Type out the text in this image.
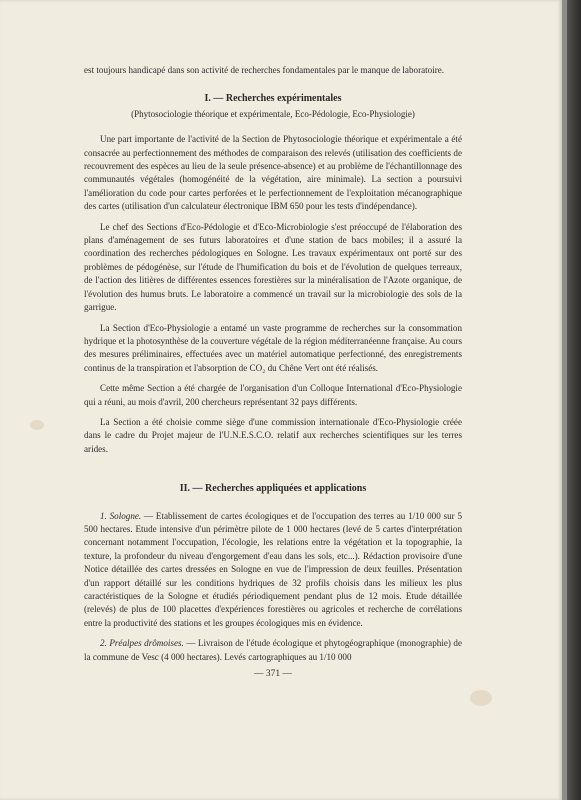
est toujours handicapé dans son activité de recherches fondamentales par le manque de laboratoire.

I. — Recherches expérimentales
(Phytosociologie théorique et expérimentale, Eco-Pédologie, Eco-Physiologie)

Une part importante de l'activité de la Section de Phytosociologie théorique et expérimentale a été consacrée au perfectionnement des méthodes de comparaison des relevés (utilisation des coefficients de recouvrement des espèces au lieu de la seule présence-absence) et au problème de l'échantillonnage des communautés végétales (homogénéité de la végétation, aire minimale). La section a poursuivi l'amélioration du code pour cartes perforées et le perfectionnement de l'exploitation mécanographique des cartes (utilisation d'un calculateur électronique IBM 650 pour les tests d'indépendance).

Le chef des Sections d'Eco-Pédologie et d'Eco-Microbiologie s'est préoccupé de l'élaboration des plans d'aménagement de ses futurs laboratoires et d'une station de bacs mobiles; il a assuré la coordination des recherches pédologiques en Sologne. Les travaux expérimentaux ont porté sur des problèmes de pédogénèse, sur l'étude de l'humification du bois et de l'évolution de quelques terreaux, de l'action des litières de différentes essences forestières sur la minéralisation de l'Azote organique, de l'évolution des humus bruts. Le laboratoire a commencé un travail sur la microbiologie des sols de la garrigue.

La Section d'Eco-Physiologie a entamé un vaste programme de recherches sur la consommation hydrique et la photosynthèse de la couverture végétale de la région méditerranéenne française. Au cours des mesures préliminaires, effectuées avec un matériel automatique perfectionné, des enregistrements continus de la transpiration et l'absorption de CO₂ du Chêne Vert ont été réalisés.

Cette même Section a été chargée de l'organisation d'un Colloque International d'Eco-Physiologie qui a réuni, au mois d'avril, 200 chercheurs représentant 32 pays différents.

La Section a été choisie comme siège d'une commission internationale d'Eco-Physiologie créée dans le cadre du Projet majeur de l'U.N.E.S.C.O. relatif aux recherches scientifiques sur les terres arides.

II. — Recherches appliquées et applications

1. Sologne. — Etablissement de cartes écologiques et de l'occupation des terres au 1/10 000 sur 5 500 hectares. Etude intensive d'un périmètre pilote de 1 000 hectares (levé de 5 cartes d'interprétation concernant notamment l'occupation, l'écologie, les relations entre la végétation et la topographie, la texture, la profondeur du niveau d'engorgement d'eau dans les sols, etc...). Rédaction provisoire d'une Notice détaillée des cartes dressées en Sologne en vue de l'impression de deux feuilles. Présentation d'un rapport détaillé sur les conditions hydriques de 32 profils choisis dans les milieux les plus caractéristiques de la Sologne et étudiés périodiquement pendant plus de 12 mois. Etude détaillée (relevés) de plus de 100 placettes d'expériences forestières ou agricoles et recherche de corrélations entre la productivité des stations et les groupes écologiques mis en évidence.

2. Préalpes drômoises. — Livraison de l'étude écologique et phytogéographique (monographie) de la commune de Vesc (4 000 hectares). Levés cartographiques au 1/10 000

— 371 —
